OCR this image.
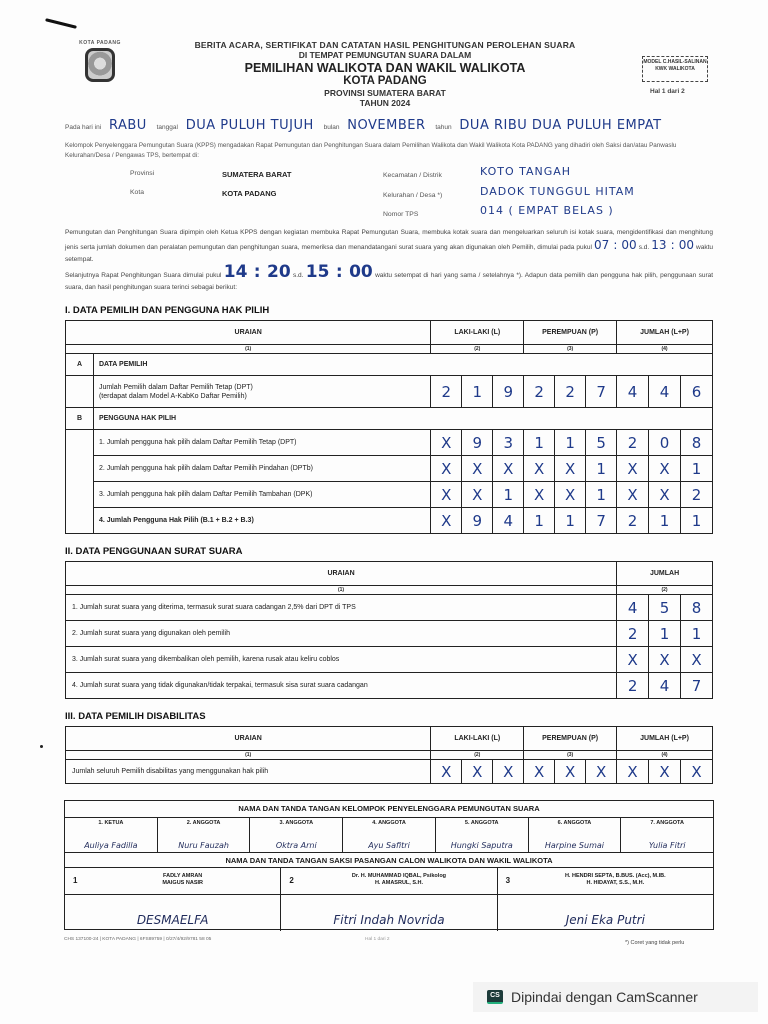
KOTA PADANG	BERITA ACARA, SERTIFIKAT DAN CATATAN HASIL PENGHITUNGAN PEROLEHAN SUARA
DI TEMPAT PEMUNGUTAN SUARA DALAM
PEMILIHAN WALIKOTA DAN WAKIL WALIKOTA
KOTA PADANG
PROVINSI SUMATERA BARAT
TAHUN 2024
MODEL C.HASIL-SALINAN KWK WALIKOTA
Hal 1 dari 2
Pada hari ini RABU tanggal DUA PULUH TUJUH bulan NOVEMBER tahun DUA RIBU DUA PULUH EMPAT
Kelompok Penyelenggara Pemungutan Suara (KPPS) mengadakan Rapat Pemungutan dan Penghitungan Suara dalam Pemilihan Walikota dan Wakil Walikota Kota PADANG yang dihadiri oleh Saksi dan/atau Panwaslu Kelurahan/Desa / Pengawas TPS, bertempat di:
Provinsi	SUMATERA BARAT
Kota	KOTA PADANG
Kecamatan / Distrik	KOTO TANGAH
Kelurahan / Desa *)	DADOK TUNGGUL HITAM
Nomor TPS	014 ( EMPAT BELAS )
Pemungutan dan Penghitungan Suara dipimpin oleh Ketua KPPS dengan kegiatan membuka Rapat Pemungutan Suara, membuka kotak suara dan mengeluarkan seluruh isi kotak suara, mengidentifikasi dan menghitung jenis serta jumlah dokumen dan peralatan pemungutan dan penghitungan suara, memeriksa dan menandatangani surat suara yang akan digunakan oleh Pemilih, dimulai pada pukul 07 : 00 s.d. 13 : 00 waktu setempat.
Selanjutnya Rapat Penghitungan Suara dimulai pukul 14 : 20 s.d. 15 : 00 waktu setempat di hari yang sama / setelahnya *). Adapun data pemilih dan pengguna hak pilih, penggunaan surat suara, dan hasil penghitungan suara terinci sebagai berikut:
I. DATA PEMILIH DAN PENGGUNA HAK PILIH
URAIAN		LAKI-LAKI (L)			PEREMPUAN (P)			JUMLAH (L+P)		
(1)		(2)			(3)			(4)		
A	DATA PEMILIH									

	Jumlah Pemilih dalam Daftar Pemilih Tetap (DPT)
(terdapat dalam Model A-KabKo Daftar Pemilih)	2	1	9	2	2	7	4	4	6
B	PENGGUNA HAK PILIH									
	1. Jumlah pengguna hak pilih dalam Daftar Pemilih Tetap (DPT)	X	9	3	1	1	5	2	0	8
	2. Jumlah pengguna hak pilih dalam Daftar Pemilih Pindahan (DPTb)	X	X	X	X	X	1	X	X	1
	3. Jumlah pengguna hak pilih dalam Daftar Pemilih Tambahan (DPK)	X	X	1	X	X	1	X	X	2
	4. Jumlah Pengguna Hak Pilih (B.1 + B.2 + B.3)	X	9	4	1	1	7	2	1	1
II. DATA PENGGUNAAN SURAT SUARA
URAIAN	JUMLAH		
(1)	(2)		
1. Jumlah surat suara yang diterima, termasuk surat suara cadangan 2,5% dari DPT di TPS	4	5	8
2. Jumlah surat suara yang digunakan oleh pemilih	2	1	1
3. Jumlah surat suara yang dikembalikan oleh pemilih, karena rusak atau keliru coblos	X	X	X
4. Jumlah surat suara yang tidak digunakan/tidak terpakai, termasuk sisa surat suara cadangan	2	4	7
III. DATA PEMILIH DISABILITAS
URAIAN	LAKI-LAKI (L)			PEREMPUAN (P)			JUMLAH (L+P)		
(1)	(2)			(3)			(4)		
Jumlah seluruh Pemilih disabilitas yang menggunakan hak pilih	X	X	X	X	X	X	X	X	X
NAMA DAN TANDA TANGAN KELOMPOK PENYELENGGARA PEMUNGUTAN SUARA
1. KETUA
Auliya Fadilla
2. ANGGOTA
Nuru Fauzah
3. ANGGOTA
Oktra Arni
4. ANGGOTA
Ayu Safitri
5. ANGGOTA
Hungki Saputra
6. ANGGOTA
Harpine Sumai
7. ANGGOTA
Yulia Fitri
NAMA DAN TANDA TANGAN SAKSI PASANGAN CALON WALIKOTA DAN WAKIL WALIKOTA
1	FADLY AMRAN
MAIGUS NASIR
DESMAELFA
2	Dr. H. MUHAMMAD IQBAL, Psikolog
H. AMASRUL, S.H.
Fitri Indah Novrida
3	H. HENDRI SEPTA, B.BUS. (Acc), M.IB.
H. HIDAYAT, S.S., M.H.
Jeni Eka Putri
CHS 137100-24 | KOTA PADANG | 6FS89759 | 0/27/4/92/9781 58 05	Hal 1 dari 2
*) Coret yang tidak perlu
CS Dipindai dengan CamScanner
